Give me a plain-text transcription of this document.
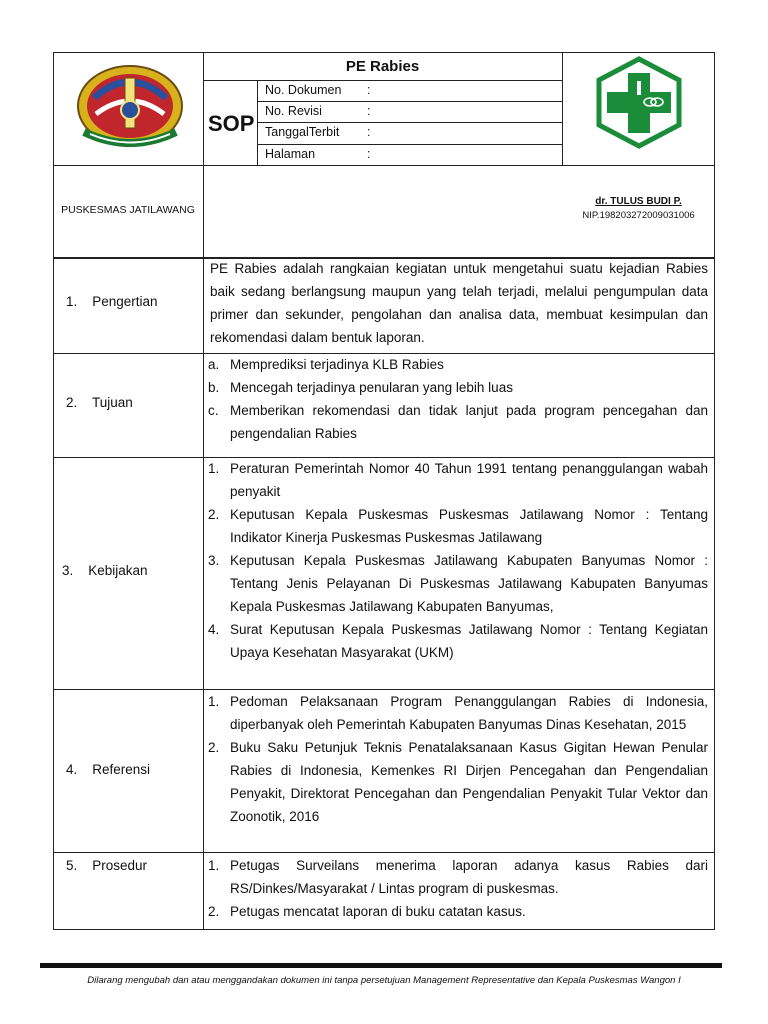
PE Rabies
SOP
No. Dokumen :
No. Revisi	:
TanggalTerbit :
Halaman	:
PUSKESMAS JATILAWANG
dr. TULUS BUDI P.
NIP.198203272009031006
1.    Pengertian
PE Rabies adalah rangkaian kegiatan untuk mengetahui suatu kejadian Rabies baik sedang berlangsung maupun yang telah terjadi, melalui pengumpulan data primer dan sekunder, pengolahan dan analisa data, membuat kesimpulan dan rekomendasi dalam bentuk laporan.
2.    Tujuan
a. Memprediksi terjadinya KLB Rabies
b. Mencegah terjadinya penularan yang lebih luas
c. Memberikan rekomendasi dan tidak lanjut pada program pencegahan dan pengendalian Rabies
3.    Kebijakan
1. Peraturan Pemerintah Nomor 40 Tahun 1991 tentang penanggulangan wabah penyakit
2. Keputusan Kepala Puskesmas Puskesmas Jatilawang Nomor : Tentang Indikator Kinerja Puskesmas Puskesmas Jatilawang
3. Keputusan Kepala Puskesmas Jatilawang Kabupaten Banyumas Nomor : Tentang Jenis Pelayanan Di Puskesmas Jatilawang Kabupaten Banyumas Kepala Puskesmas Jatilawang Kabupaten Banyumas,
4. Surat Keputusan Kepala Puskesmas Jatilawang Nomor : Tentang Kegiatan Upaya Kesehatan Masyarakat (UKM)
4.    Referensi
1. Pedoman Pelaksanaan Program Penanggulangan Rabies di Indonesia, diperbanyak oleh Pemerintah Kabupaten Banyumas Dinas Kesehatan, 2015
2. Buku Saku Petunjuk Teknis Penatalaksanaan Kasus Gigitan Hewan Penular Rabies di Indonesia, Kemenkes RI Dirjen Pencegahan dan Pengendalian Penyakit, Direktorat Pencegahan dan Pengendalian Penyakit Tular Vektor dan Zoonotik, 2016
5.    Prosedur	1. Petugas Surveilans menerima laporan adanya kasus Rabies dari RS/Dinkes/Masyarakat / Lintas program di puskesmas.
2. Petugas mencatat laporan di buku catatan kasus.
Dilarang mengubah dan atau menggandakan dokumen ini tanpa persetujuan Management Representative dan Kepala Puskesmas Wangon I
